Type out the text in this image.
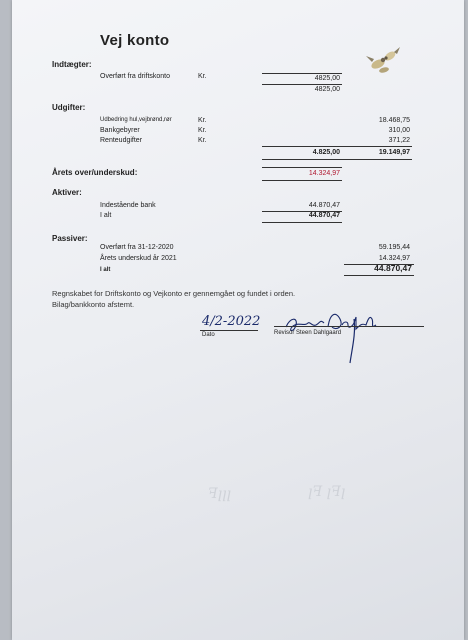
Vej konto
Indtægter:
Overført fra driftskonto	Kr.	4825,00
4825,00
Udgifter:
Udbedring hul,vejbrønd,rør	Kr.	18.468,75
Bankgebyrer	Kr.	310,00
Renteudgifter	Kr.	371,22
4.825,00	19.149,97
Årets over/underskud:	14.324,97
Aktiver:
Indestående bank	44.870,47
I alt	44.870,47
Passiver:
Overført fra 31-12-2020	59.195,44
Årets underskud år 2021	14.324,97
I alt	44.870,47
Regnskabet for Driftskonto og Vejkonto er gennemgået og fundet i orden.
Bilag/bankkonto afstemt.
4/2-2022
Dato	Revisor Steen Dahlgaard
ꟻꞁꞁꞁ	ꞁꟻ ꞁꟻꞁ
